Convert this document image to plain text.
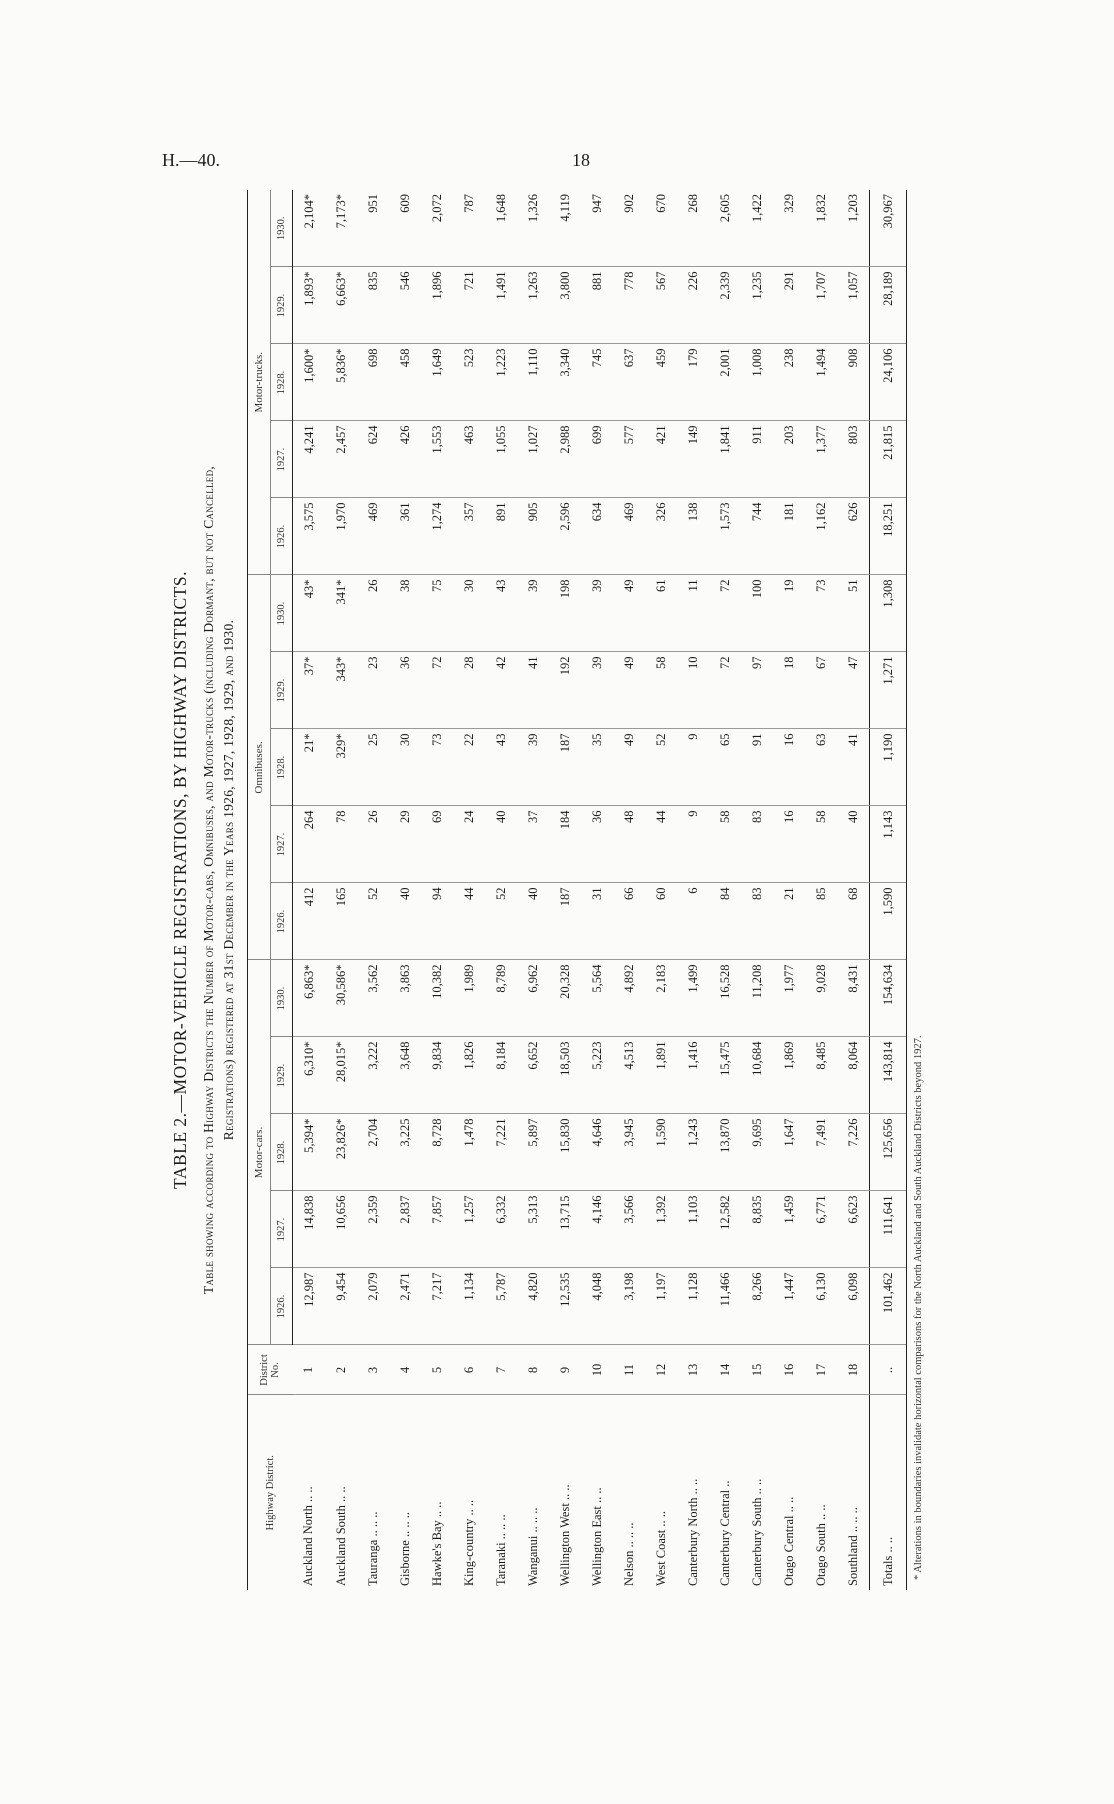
H.—40.	18
TABLE 2.—MOTOR-VEHICLE REGISTRATIONS, BY HIGHWAY DISTRICTS. Table showing according to Highway Districts the Number of Motor-cabs, Omnibuses, and Motor-trucks (including Dormant, but not Cancelled, Registrations) registered at 31st December in the Years 1926, 1927, 1928, 1929, and 1930.
Highway District.	District No.	Motor-cars.					Omnibuses.					Motor-trucks.				
		1926.	1927.	1928.	1929.	1930.	1926.	1927.	1928.	1929.	1930.	1926.	1927.	1928.	1929.	1930.
Auckland North .. ..	1	12,987	14,838	5,394*	6,310*	6,863*	412	264	21*	37*	43*	3,575	4,241	1,600*	1,893*	2,104*
Auckland South .. ..	2	9,454	10,656	23,826*	28,015*	30,586*	165	78	329*	343*	341*	1,970	2,457	5,836*	6,663*	7,173*
Tauranga .. .. ..	3	2,079	2,359	2,704	3,222	3,562	52	26	25	23	26	469	624	698	835	951
Gisborne .. .. ..	4	2,471	2,837	3,225	3,648	3,863	40	29	30	36	38	361	426	458	546	609
Hawke's Bay .. ..	5	7,217	7,857	8,728	9,834	10,382	94	69	73	72	75	1,274	1,553	1,649	1,896	2,072
King-country .. ..	6	1,134	1,257	1,478	1,826	1,989	44	24	22	28	30	357	463	523	721	787
Taranaki .. .. ..	7	5,787	6,332	7,221	8,184	8,789	52	40	43	42	43	891	1,055	1,223	1,491	1,648
Wanganui .. .. ..	8	4,820	5,313	5,897	6,652	6,962	40	37	39	41	39	905	1,027	1,110	1,263	1,326
Wellington West .. ..	9	12,535	13,715	15,830	18,503	20,328	187	184	187	192	198	2,596	2,988	3,340	3,800	4,119
Wellington East .. ..	10	4,048	4,146	4,646	5,223	5,564	31	36	35	39	39	634	699	745	881	947
Nelson .. .. ..	11	3,198	3,566	3,945	4,513	4,892	66	48	49	49	49	469	577	637	778	902
West Coast .. ..	12	1,197	1,392	1,590	1,891	2,183	60	44	52	58	61	326	421	459	567	670
Canterbury North .. ..	13	1,128	1,103	1,243	1,416	1,499	6	9	9	10	11	138	149	179	226	268
Canterbury Central ..	14	11,466	12,582	13,870	15,475	16,528	84	58	65	72	72	1,573	1,841	2,001	2,339	2,605
Canterbury South .. ..	15	8,266	8,835	9,695	10,684	11,208	83	83	91	97	100	744	911	1,008	1,235	1,422
Otago Central .. ..	16	1,447	1,459	1,647	1,869	1,977	21	16	16	18	19	181	203	238	291	329
Otago South .. ..	17	6,130	6,771	7,491	8,485	9,028	85	58	63	67	73	1,162	1,377	1,494	1,707	1,832
Southland .. .. ..	18	6,098	6,623	7,226	8,064	8,431	68	40	41	47	51	626	803	908	1,057	1,203
Totals .. ..	..	101,462	111,641	125,656	143,814	154,634	1,590	1,143	1,190	1,271	1,308	18,251	21,815	24,106	28,189	30,967
* Alterations in boundaries invalidate horizontal comparisons for the North Auckland and South Auckland Districts beyond 1927.
